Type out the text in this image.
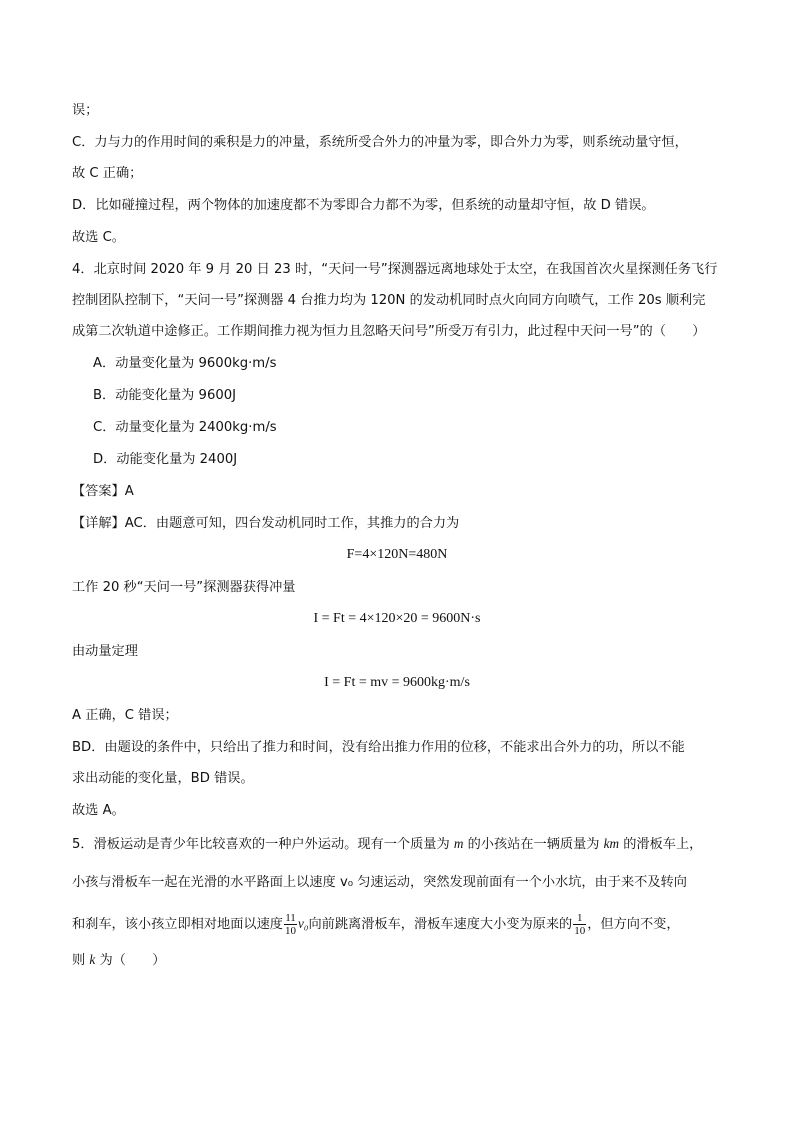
误；
C．力与力的作用时间的乘积是力的冲量，系统所受合外力的冲量为零，即合外力为零，则系统动量守恒，
故 C 正确；
D．比如碰撞过程，两个物体的加速度都不为零即合力都不为零，但系统的动量却守恒，故 D 错误。
故选 C。
4．北京时间 2020 年 9 月 20 日 23 时，“天问一号”探测器远离地球处于太空，在我国首次火星探测任务飞行
控制团队控制下，“天问一号”探测器 4 台推力均为 120N 的发动机同时点火向同方向喷气，工作 20s 顺利完
成第二次轨道中途修正。工作期间推力视为恒力且忽略天问号”所受万有引力，此过程中天问一号”的（　　）
A．动量变化量为 9600kg·m/s
B．动能变化量为 9600J
C．动量变化量为 2400kg·m/s
D．动能变化量为 2400J
【答案】A
【详解】AC．由题意可知，四台发动机同时工作，其推力的合力为
F=4×120N=480N
工作 20 秒“天问一号”探测器获得冲量
I = Ft = 4×120×20 = 9600N·s
由动量定理
I = Ft = mv = 9600kg·m/s
A 正确，C 错误；
BD．由题设的条件中，只给出了推力和时间，没有给出推力作用的位移，不能求出合外力的功，所以不能
求出动能的变化量，BD 错误。
故选 A。
5．滑板运动是青少年比较喜欢的一种户外运动。现有一个质量为 m 的小孩站在一辆质量为 km 的滑板车上，
小孩与滑板车一起在光滑的水平路面上以速度 v₀ 匀速运动，突然发现前面有一个小水坑，由于来不及转向
和刹车，该小孩立即相对地面以速度 $\frac{11}{10} v_0$向前跳离滑板车，滑板车速度大小变为原来的 $\frac{1}{10}$ ，但方向不变，
则 k 为（　　）
